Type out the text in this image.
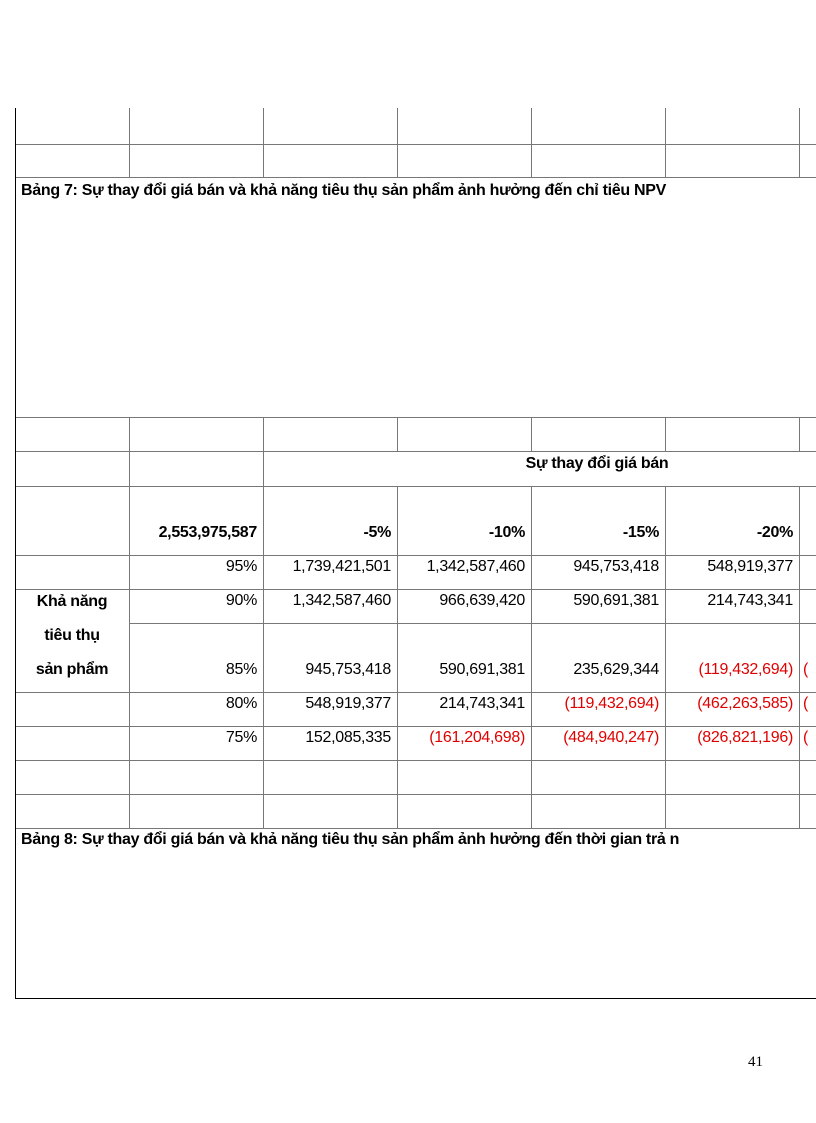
Bảng 7: Sự thay đổi giá bán và khả năng tiêu thụ sản phẩm ảnh hưởng đến chỉ tiêu NPV
Sự thay đổi giá bán
2,553,975,587	-5%	-10%	-15%	-20%
Khả năng
tiêu thụ
sản phẩm
95%	1,739,421,501	1,342,587,460	945,753,418	548,919,377
90%	1,342,587,460	966,639,420	590,691,381	214,743,341
85%	945,753,418	590,691,381	235,629,344	(119,432,694) (
80%	548,919,377	214,743,341	(119,432,694)	(462,263,585) (
75%	152,085,335	(161,204,698)	(484,940,247)	(826,821,196) (
Bảng 8: Sự thay đổi giá bán và khả năng tiêu thụ sản phẩm ảnh hưởng đến thời gian trả n
41
